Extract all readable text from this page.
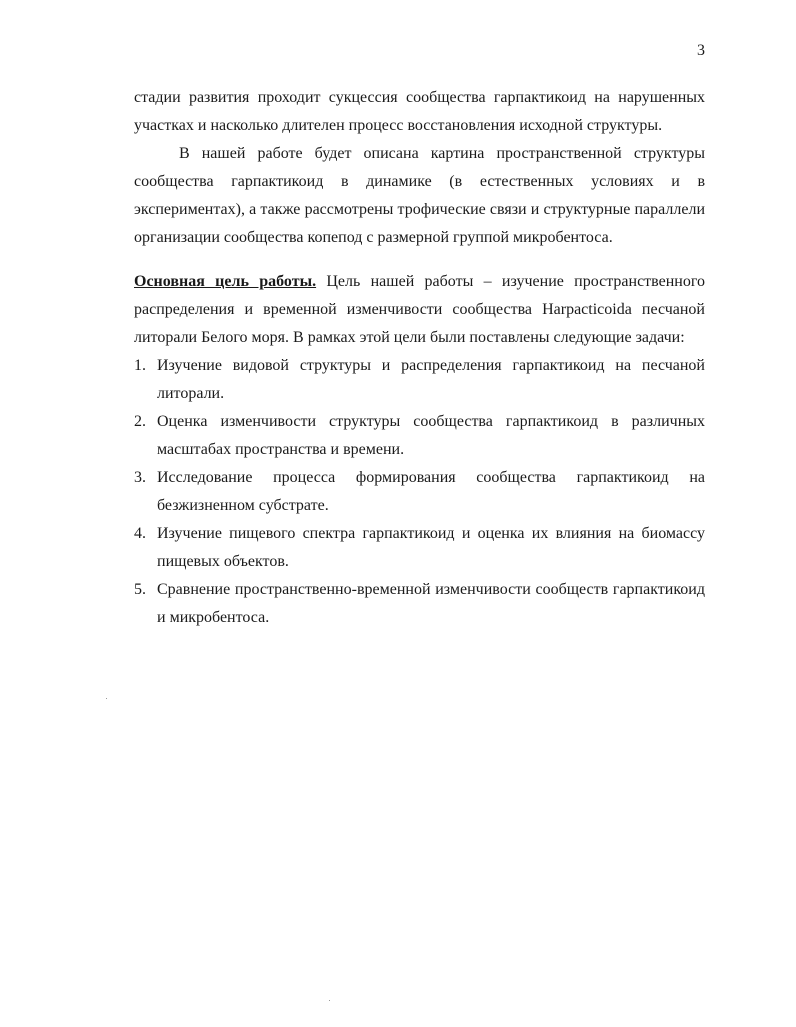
3

стадии развития проходит сукцессия сообщества гарпактикоид на нарушенных участках и насколько длителен процесс восстановления исходной структуры.

В нашей работе будет описана картина пространственной структуры сообщества гарпактикоид в динамике (в естественных условиях и в экспериментах), а также рассмотрены трофические связи и структурные параллели организации сообщества копепод с размерной группой микробентоса.

Основная цель работы. Цель нашей работы – изучение пространственного распределения и временной изменчивости сообщества Harpacticoida песчаной литорали Белого моря. В рамках этой цели были поставлены следующие задачи:

1. Изучение видовой структуры и распределения гарпактикоид на песчаной литорали.
2. Оценка изменчивости структуры сообщества гарпактикоид в различных масштабах пространства и времени.
3. Исследование процесса формирования сообщества гарпактикоид на безжизненном субстрате.
4. Изучение пищевого спектра гарпактикоид и оценка их влияния на биомассу пищевых объектов.
5. Сравнение пространственно-временной изменчивости сообществ гарпактикоид и микробентоса.
